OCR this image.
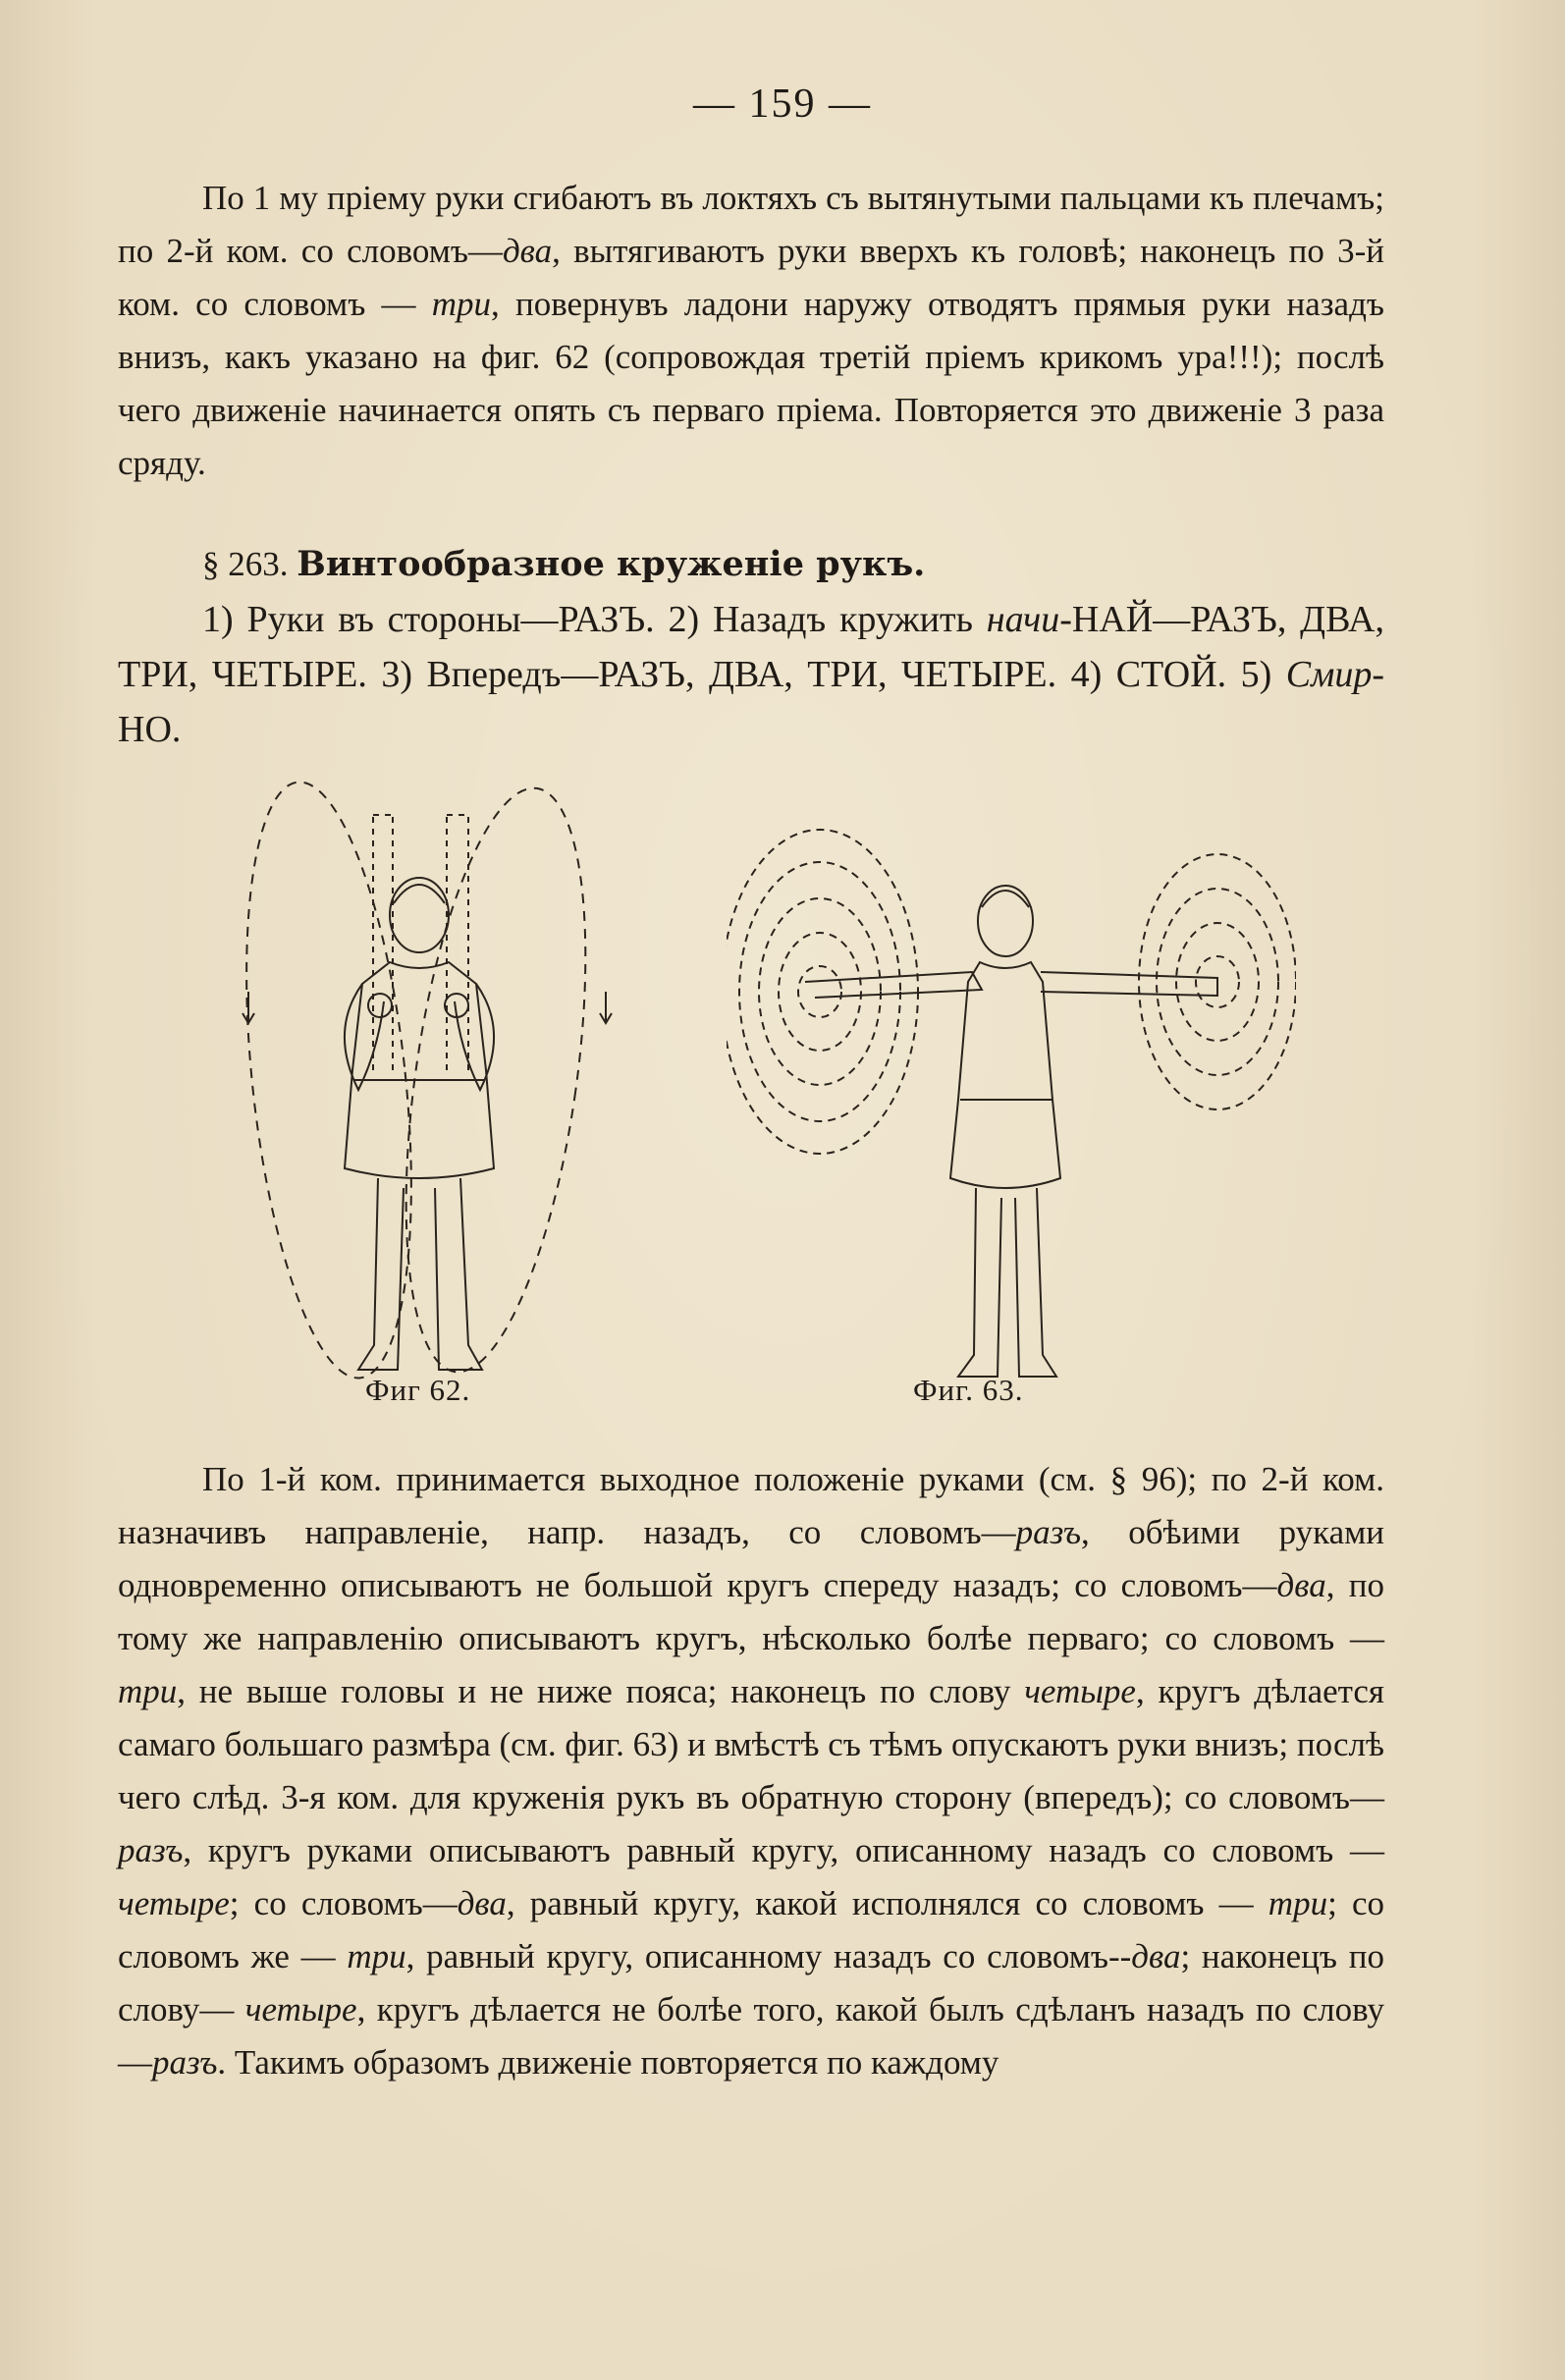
— 159 —
По 1 му пріему руки сгибаютъ въ локтяхъ съ вытянутыми пальцами къ плечамъ; по 2-й ком. со словомъ—два, вытягиваютъ руки вверхъ къ головѣ; наконецъ по 3-й ком. со словомъ — три, повернувъ ладони наружу отводятъ прямыя руки назадъ внизъ, какъ указано на фиг. 62 (сопровождая третій пріемъ крикомъ ура!!!); послѣ чего движеніе начинается опять съ перваго пріема. Повторяется это движеніе 3 раза сряду.
§ 263. Винтообразное круженіе рукъ.
1) Руки въ стороны—РАЗЪ. 2) Назадъ кружить начи-НАЙ—РАЗЪ, ДВА, ТРИ, ЧЕТЫРЕ. 3) Впередъ—РАЗЪ, ДВА, ТРИ, ЧЕТЫРЕ. 4) СТОЙ. 5) Смир-НО.
Фиг 62.	Фиг. 63.
По 1-й ком. принимается выходное положеніе руками (см. § 96); по 2-й ком. назначивъ направленіе, напр. назадъ, со словомъ—разъ, обѣими руками одновременно описываютъ не большой кругъ спереду назадъ; со словомъ—два, по тому же направленію описываютъ кругъ, нѣсколько болѣе перваго; со словомъ — три, не выше головы и не ниже пояса; наконецъ по слову четыре, кругъ дѣлается самаго большаго размѣра (см. фиг. 63) и вмѣстѣ съ тѣмъ опускаютъ руки внизъ; послѣ чего слѣд. 3-я ком. для круженія рукъ въ обратную сторону (впередъ); со словомъ—разъ, кругъ руками описываютъ равный кругу, описанному назадъ со словомъ — четыре; со словомъ—два, равный кругу, какой исполнялся со словомъ — три; со словомъ же — три, равный кругу, описанному назадъ со словомъ--два; наконецъ по слову— четыре, кругъ дѣлается не болѣе того, какой былъ сдѣланъ назадъ по слову —разъ. Такимъ образомъ движеніе повторяется по каждому
